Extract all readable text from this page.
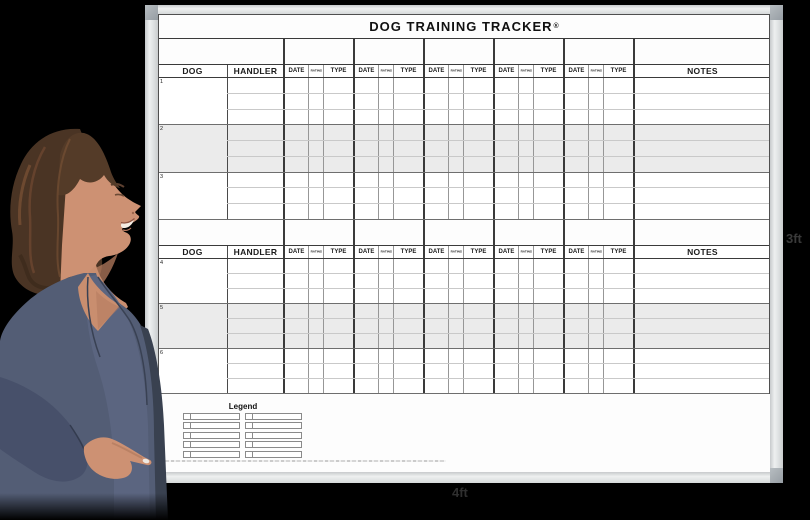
DOG TRAINING TRACKER ®
DOG	HANDLER DATE RATING TYPE DATE RATING TYPE DATE RATING TYPE DATE RATING TYPE DATE RATING TYPE	NOTES
1
2
3
DOG	HANDLER DATE RATING TYPE DATE RATING TYPE DATE RATING TYPE DATE RATING TYPE DATE RATING TYPE	NOTES
4
5
6
Legend
3ft
4ft
